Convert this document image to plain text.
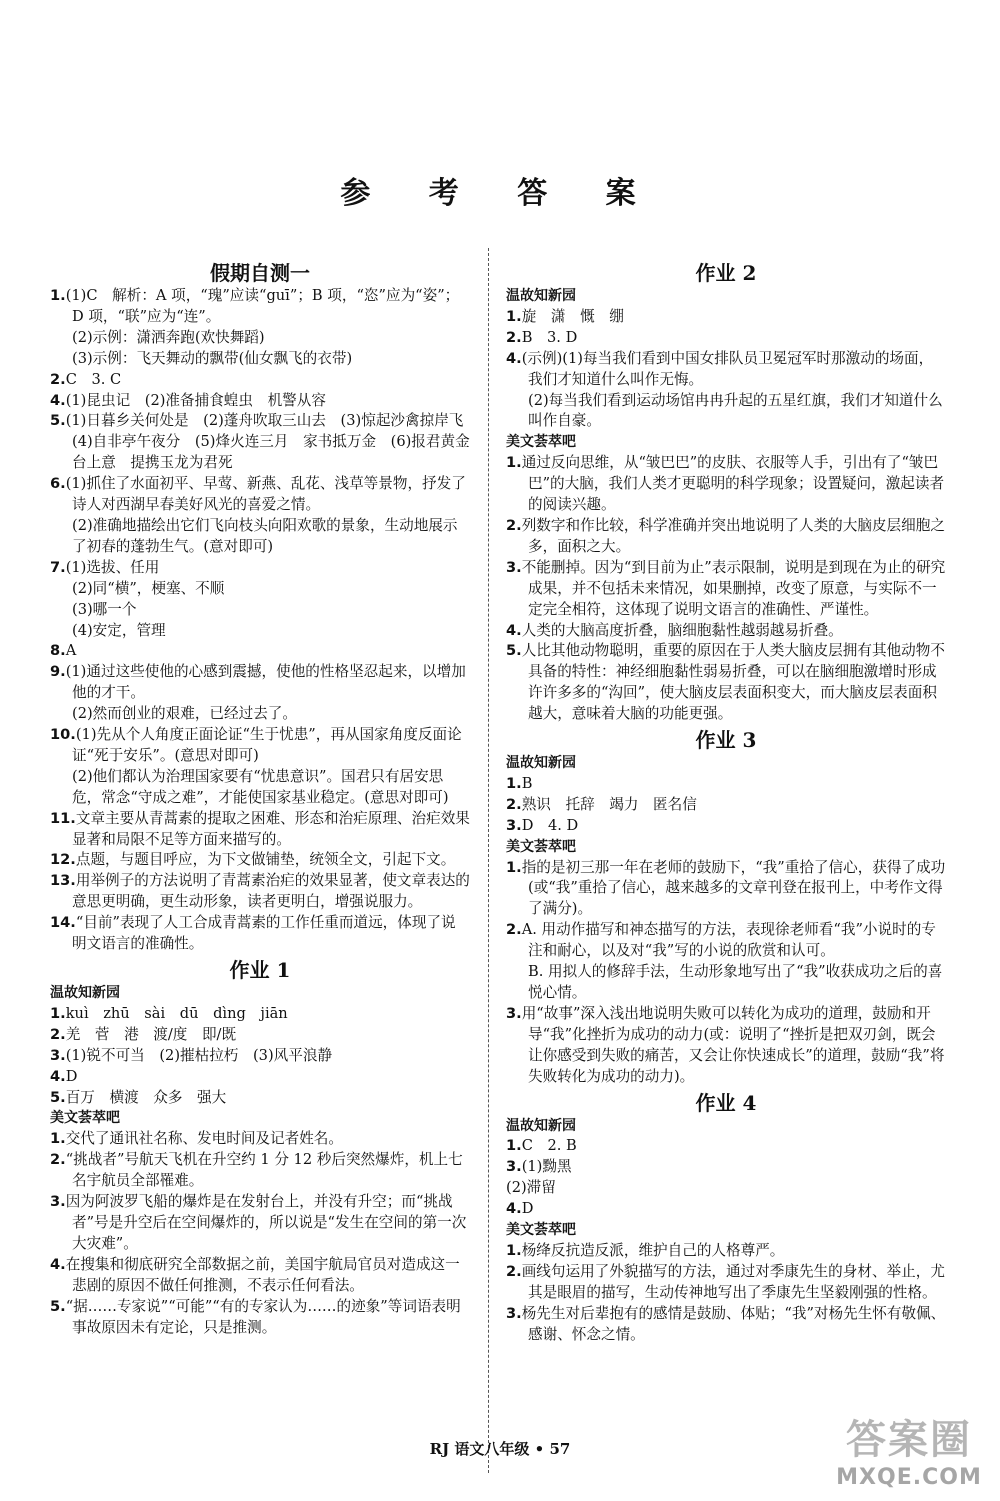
参 考 答 案
假期自测一

1.(1)C　解析：A 项，“瑰”应读“guī”；B 项，“恣”应为“姿”；D 项，“联”应为“连”。

(2)示例：潇洒奔跑(欢快舞蹈)

(3)示例：飞天舞动的飘带(仙女飘飞的衣带)

2.C　3. C

4.(1)昆虫记　(2)准备捕食蝗虫　机警从容

5.(1)日暮乡关何处是　(2)蓬舟吹取三山去　(3)惊起沙禽掠岸飞　(4)自非亭午夜分　(5)烽火连三月　家书抵万金　(6)报君黄金台上意　提携玉龙为君死

6.(1)抓住了水面初平、早莺、新燕、乱花、浅草等景物，抒发了诗人对西湖早春美好风光的喜爱之情。

(2)准确地描绘出它们飞向枝头向阳欢歌的景象，生动地展示了初春的蓬勃生气。(意对即可)

7.(1)选拔、任用

(2)同“横”，梗塞、不顺

(3)哪一个

(4)安定，管理

8.A

9.(1)通过这些使他的心感到震撼，使他的性格坚忍起来，以增加他的才干。

(2)然而创业的艰难，已经过去了。

10.(1)先从个人角度正面论证“生于忧患”，再从国家角度反面论证“死于安乐”。(意思对即可)

(2)他们都认为治理国家要有“忧患意识”。国君只有居安思危，常念“守成之难”，才能使国家基业稳定。(意思对即可)

11.文章主要从青蒿素的提取之困难、形态和治疟原理、治疟效果显著和局限不足等方面来描写的。

12.点题，与题目呼应，为下文做铺垫，统领全文，引起下文。

13.用举例子的方法说明了青蒿素治疟的效果显著，使文章表达的意思更明确，更生动形象，读者更明白，增强说服力。

14.“目前”表现了人工合成青蒿素的工作任重而道远，体现了说明文语言的准确性。

作业 1

温故知新园

1.kuì　zhū　sài　dū　dìng　jiān

2.羌　菅　港　渡/度　即/既

3.(1)锐不可当　(2)摧枯拉朽　(3)风平浪静

4.D

5.百万　横渡　众多　强大

美文荟萃吧

1.交代了通讯社名称、发电时间及记者姓名。

2.“挑战者”号航天飞机在升空约 1 分 12 秒后突然爆炸，机上七名宇航员全部罹难。

3.因为阿波罗飞船的爆炸是在发射台上，并没有升空；而“挑战者”号是升空后在空间爆炸的，所以说是“发生在空间的第一次大灾难”。

4.在搜集和彻底研究全部数据之前，美国宇航局官员对造成这一悲剧的原因不做任何推测，不表示任何看法。

5.“据……专家说”“可能”“有的专家认为……的迹象”等词语表明事故原因未有定论，只是推测。

作业 2

温故知新园

1.旋　潇　慨　绷

2.B　3. D

4.(示例)(1)每当我们看到中国女排队员卫冕冠军时那激动的场面，我们才知道什么叫作无悔。

(2)每当我们看到运动场馆冉冉升起的五星红旗，我们才知道什么叫作自豪。

美文荟萃吧

1.通过反向思维，从“皱巴巴”的皮肤、衣服等人手，引出有了“皱巴巴”的大脑，我们人类才更聪明的科学现象；设置疑问，激起读者的阅读兴趣。

2.列数字和作比较，科学准确并突出地说明了人类的大脑皮层细胞之多，面积之大。

3.不能删掉。因为“到目前为止”表示限制，说明是到现在为止的研究成果，并不包括未来情况，如果删掉，改变了原意，与实际不一定完全相符，这体现了说明文语言的准确性、严谨性。

4.人类的大脑高度折叠，脑细胞黏性越弱越易折叠。

5.人比其他动物聪明，重要的原因在于人类大脑皮层拥有其他动物不具备的特性：神经细胞黏性弱易折叠，可以在脑细胞激增时形成许许多多的“沟回”，使大脑皮层表面积变大，而大脑皮层表面积越大，意味着大脑的功能更强。

作业 3

温故知新园

1.B

2.熟识　托辞　竭力　匿名信

3.D　4. D

美文荟萃吧

1.指的是初三那一年在老师的鼓励下，“我”重拾了信心，获得了成功(或“我”重拾了信心，越来越多的文章刊登在报刊上，中考作文得了满分)。

2.A. 用动作描写和神态描写的方法，表现徐老师看“我”小说时的专注和耐心，以及对“我”写的小说的欣赏和认可。

B. 用拟人的修辞手法，生动形象地写出了“我”收获成功之后的喜悦心情。

3.用“故事”深入浅出地说明失败可以转化为成功的道理，鼓励和开导“我”化挫折为成功的动力(或：说明了“挫折是把双刃剑，既会让你感受到失败的痛苦，又会让你快速成长”的道理，鼓励“我”将失败转化为成功的动力)。

作业 4

温故知新园

1.C　2. B

3.(1)黝黑

(2)滞留

4.D

美文荟萃吧

1.杨绛反抗造反派，维护自己的人格尊严。

2.画线句运用了外貌描写的方法，通过对季康先生的身材、举止，尤其是眼眉的描写，生动传神地写出了季康先生坚毅刚强的性格。

3.杨先生对后辈抱有的感情是鼓励、体贴；“我”对杨先生怀有敬佩、感谢、怀念之情。

RJ 语文八年级 • 57	答案圈
MXQE.COM
